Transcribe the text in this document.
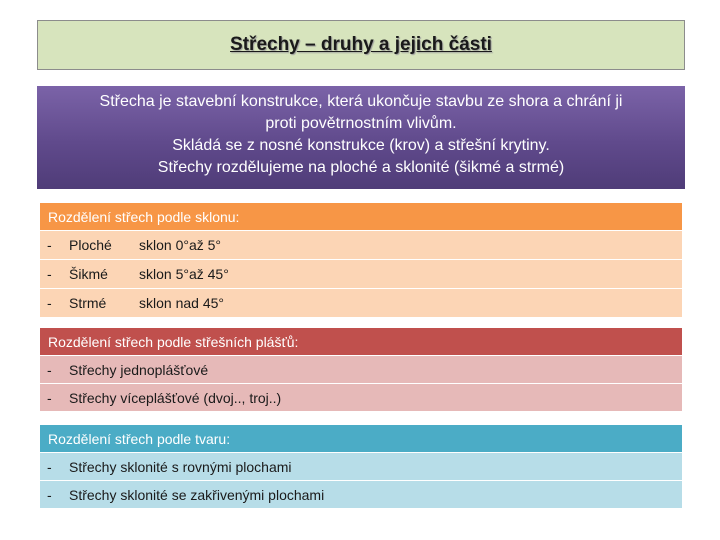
Střechy – druhy a jejich části
Střecha je stavební konstrukce, která ukončuje stavbu ze shora a chrání ji
proti povětrnostním vlivům.
Skládá se z nosné konstrukce (krov) a střešní krytiny.
Střechy rozdělujeme na ploché a sklonité (šikmé a strmé)
Rozdělení střech podle sklonu:
-	Ploché	sklon 0°až 5°
-	Šikmé	sklon 5°až 45°
-	Strmé	sklon nad 45°
Rozdělení střech podle střešních plášťů:
-	Střechy jednoplášťové
-	Střechy víceplášťové (dvoj.., troj..)
Rozdělení střech podle tvaru:
-	Střechy sklonité s rovnými plochami
-	Střechy sklonité se zakřivenými plochami
